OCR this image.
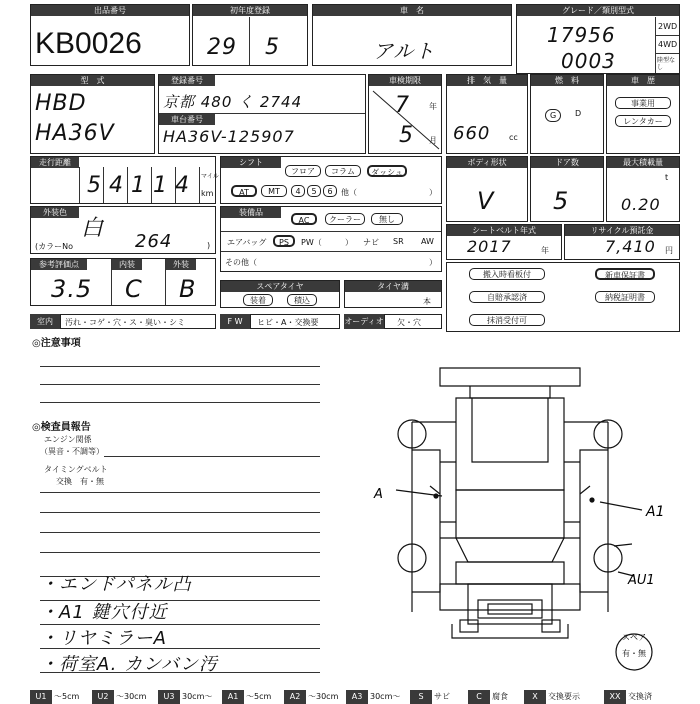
出品番号
KB0026
初年度登録
29 5
車　名
アルト
グレード／類別型式
2WD
4WD
陸型なし
17956
0003
型　式
HBD
HA36V
登録番号
京都 480 く 2744
車台番号
HA36V-125907
車検期限
7 年
5 月
排　気　量
660 cc
燃　料
G	D
車　歴
事業用
レンタカー
走行距離
54114 マイル
km
シフト
フロア	コラム	ダッシュ
AT	MT	4	5	6	他（	）
ボディ形状
V
ドア数
5
最大積載量
t
0.20
外装色
白
(カラーNo	264	)
装備品
AC	クーラー	無し
エアバッグ	PS	PW（	） ナビ SR AW
その他（	）
シートベルト年式
2017	年
リサイクル預託金
7,410 円
参考評価点	内装	外装
3.5 C B	スペアタイヤ
装着	積込
タイヤ溝
本
搬入時看板付	新車保証書
自賠承認済	納税証明書
抹消受付可
室内	汚れ・コゲ・穴・ス・臭い・シミ	F W	ヒビ・A・交換要	オーディオ 欠・穴
◎注意事項
◎検査員報告
エンジン関係
（異音・不調等）
タイミングベルト
交換　有・無
・エンドパネル凸
・A1 鍵穴付近
・リヤミラーA
・荷室A. カンバン汚
A
A1
AU1
スペア
有・無
U1 ～5cm	U2 ～30cm	U3 30cm～	A1 ～5cm	A2 ～30cm	A3 30cm～	S	サビ	C	腐食	X	交換要示	XX 交換済
